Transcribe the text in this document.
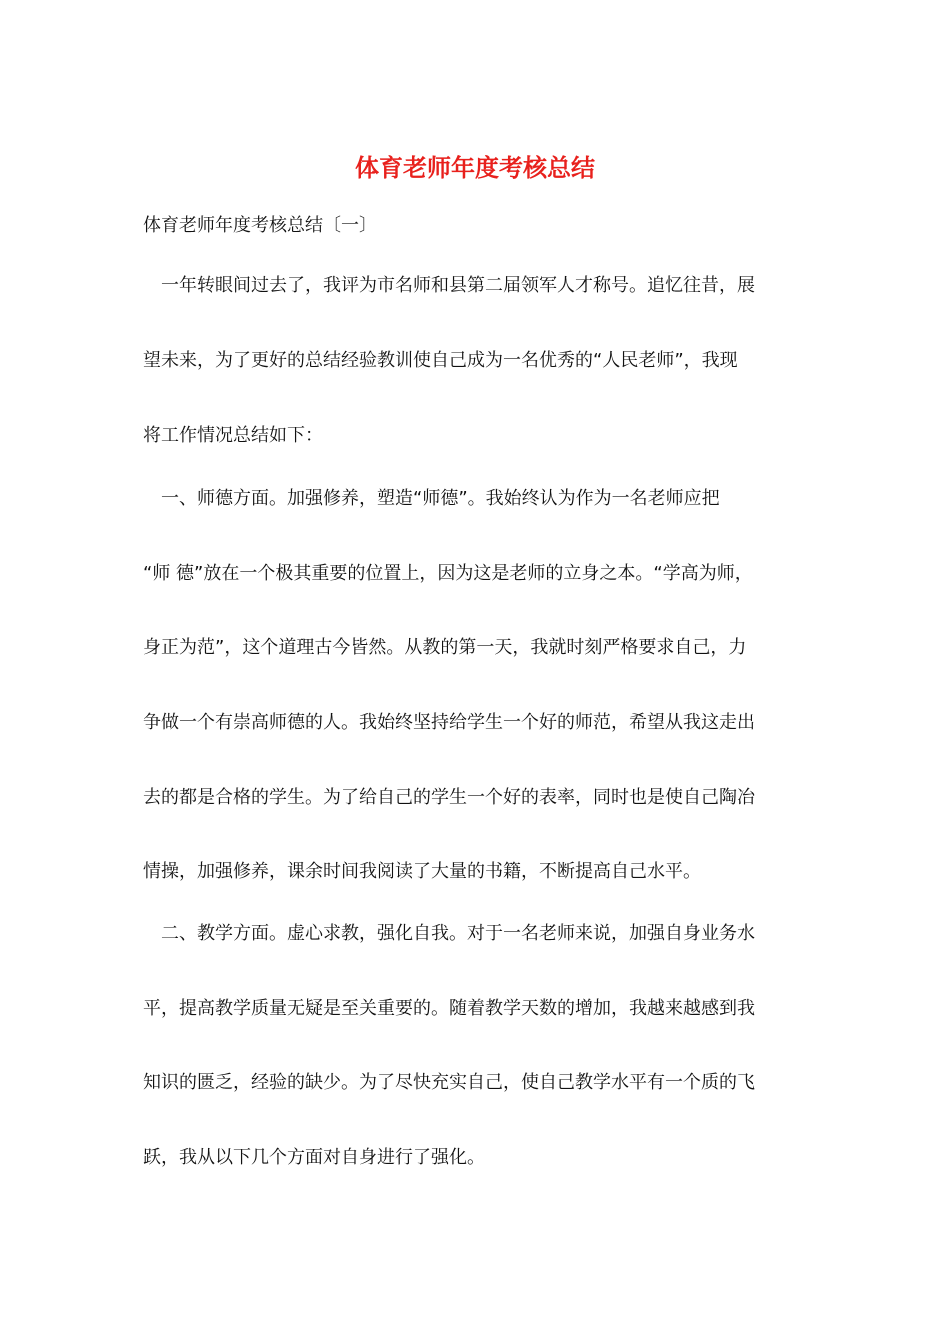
体育老师年度考核总结

体育老师年度考核总结〔一〕

　一年转眼间过去了，我评为市名师和县第二届领军人才称号。追忆往昔，展

望未来，为了更好的总结经验教训使自己成为一名优秀的“人民老师”，我现

将工作情况总结如下：

　一、师德方面。加强修养，塑造“师德”。我始终认为作为一名老师应把

“师 德”放在一个极其重要的位置上，因为这是老师的立身之本。“学高为师，

身正为范”，这个道理古今皆然。从教的第一天，我就时刻严格要求自己，力

争做一个有崇高师德的人。我始终坚持给学生一个好的师范，希望从我这走出

去的都是合格的学生。为了给自己的学生一个好的表率，同时也是使自己陶冶

情操，加强修养，课余时间我阅读了大量的书籍，不断提高自己水平。

　二、教学方面。虚心求教，强化自我。对于一名老师来说，加强自身业务水

平，提高教学质量无疑是至关重要的。随着教学天数的增加，我越来越感到我

知识的匮乏，经验的缺少。为了尽快充实自己，使自己教学水平有一个质的飞

跃，我从以下几个方面对自身进行了强化。
